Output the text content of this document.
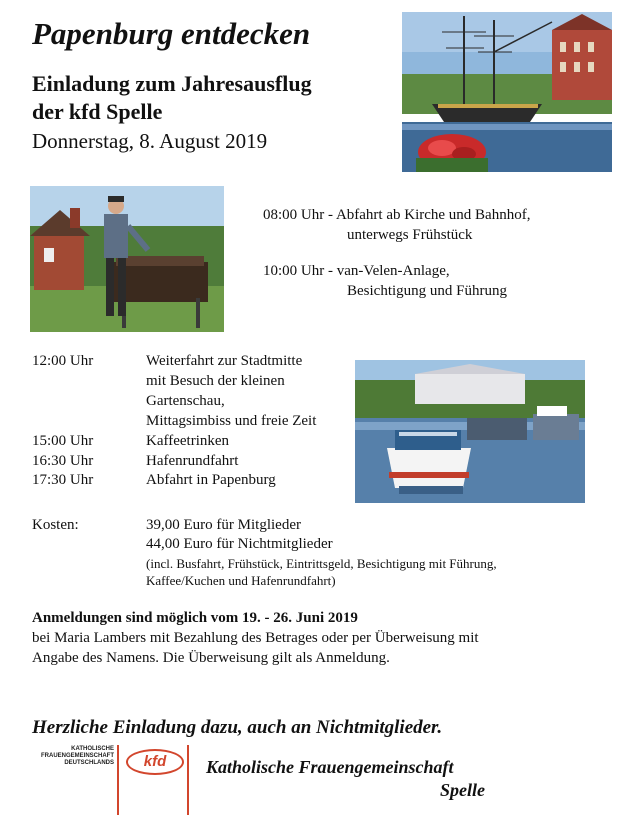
Papenburg entdecken
Einladung zum Jahresausflug
der kfd Spelle
Donnerstag, 8. August 2019
08:00 Uhr - Abfahrt ab Kirche und Bahnhof,
unterwegs Frühstück
10:00 Uhr - van-Velen-Anlage,
Besichtigung und Führung
12:00 Uhr	Weiterfahrt zur Stadtmitte
mit Besuch der kleinen
Gartenschau,
Mittagsimbiss und freie Zeit
15:00 Uhr	Kaffeetrinken
16:30 Uhr	Hafenrundfahrt
17:30 Uhr	Abfahrt in Papenburg
Kosten:	39,00 Euro für Mitglieder
44,00 Euro für Nichtmitglieder
(incl. Busfahrt, Frühstück, Eintrittsgeld, Besichtigung mit Führung,
Kaffee/Kuchen und Hafenrundfahrt)
Anmeldungen sind möglich vom 19. - 26. Juni 2019
bei Maria Lambers mit Bezahlung des Betrages oder per Überweisung mit
Angabe des Namens. Die Überweisung gilt als Anmeldung.
Herzliche Einladung dazu, auch an Nichtmitglieder.
KATHOLISCHE
FRAUENGEMEINSCHAFT
DEUTSCHLANDS	kfd	Katholische Frauengemeinschaft
Spelle
